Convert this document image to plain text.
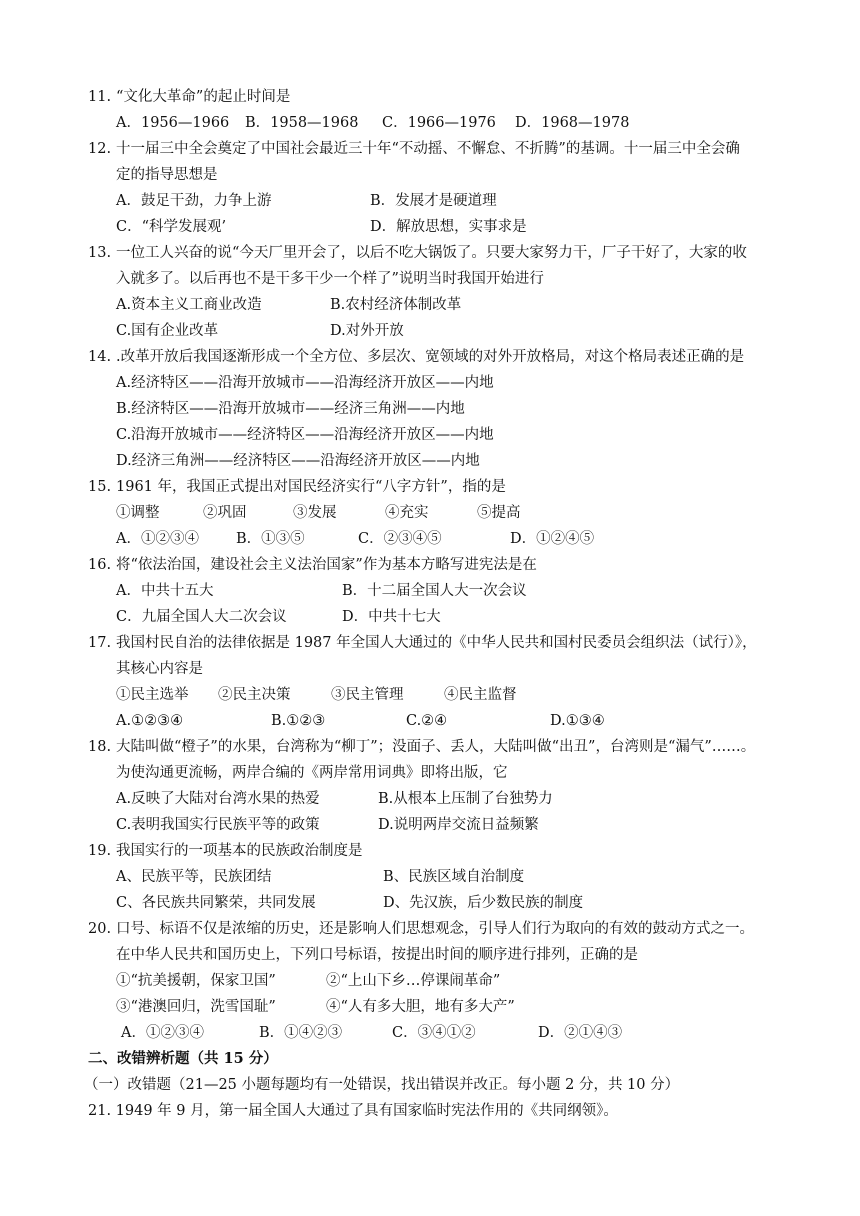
11. “文化大革命”的起止时间是
A．1956—1966 B．1958—1968 C．1966—1976 D．1968—1978
12. 十一届三中全会奠定了中国社会最近三十年“不动摇、不懈怠、不折腾”的基调。十一届三中全会确
定的指导思想是
A．鼓足干劲，力争上游	B．发展才是硬道理
C．“科学发展观’	D．解放思想，实事求是
13. 一位工人兴奋的说“今天厂里开会了，以后不吃大锅饭了。只要大家努力干，厂子干好了，大家的收
入就多了。以后再也不是干多干少一个样了”说明当时我国开始进行
A.资本主义工商业改造	B.农村经济体制改革
C.国有企业改革	D.对外开放
14. .改革开放后我国逐渐形成一个全方位、多层次、宽领域的对外开放格局，对这个格局表述正确的是
A.经济特区——沿海开放城市——沿海经济开放区——内地
B.经济特区——沿海开放城市——经济三角洲——内地
C.沿海开放城市——经济特区——沿海经济开放区——内地
D.经济三角洲——经济特区——沿海经济开放区——内地
15. 1961 年，我国正式提出对国民经济实行“八字方针”，指的是
①调整	②巩固	③发展	④充实	⑤提高
A．①②③④	B．①③⑤	C．②③④⑤	D．①②④⑤
16. 将“依法治国，建设社会主义法治国家”作为基本方略写进宪法是在
A．中共十五大	B．十二届全国人大一次会议
C．九届全国人大二次会议	D．中共十七大
17. 我国村民自治的法律依据是 1987 年全国人大通过的《中华人民共和国村民委员会组织法（试行）》，
其核心内容是
①民主选举 ②民主决策	③民主管理	④民主监督
A.①②③④	B.①②③	C.②④	D.①③④
18. 大陆叫做“橙子”的水果，台湾称为“柳丁”；没面子、丢人，大陆叫做“出丑”，台湾则是“漏气”……。
为使沟通更流畅，两岸合编的《两岸常用词典》即将出版，它
A.反映了大陆对台湾水果的热爱	B.从根本上压制了台独势力
C.表明我国实行民族平等的政策	D.说明两岸交流日益频繁
19. 我国实行的一项基本的民族政治制度是
A、民族平等，民族团结	B、民族区域自治制度
C、各民族共同繁荣，共同发展	D、先汉族，后少数民族的制度
20. 口号、标语不仅是浓缩的历史，还是影响人们思想观念，引导人们行为取向的有效的鼓动方式之一。
在中华人民共和国历史上，下列口号标语，按提出时间的顺序进行排列，正确的是
①“抗美援朝，保家卫国”	②“上山下乡…停课闹革命”
③“港澳回归，洗雪国耻”	④“人有多大胆，地有多大产”
A．①②③④	B．①④②③	C．③④①②	D．②①④③
二、改错辨析题（共 15 分）
（一）改错题（21—25 小题每题均有一处错误，找出错误并改正。每小题 2 分，共 10 分）
21. 1949 年 9 月，第一届全国人大通过了具有国家临时宪法作用的《共同纲领》。
